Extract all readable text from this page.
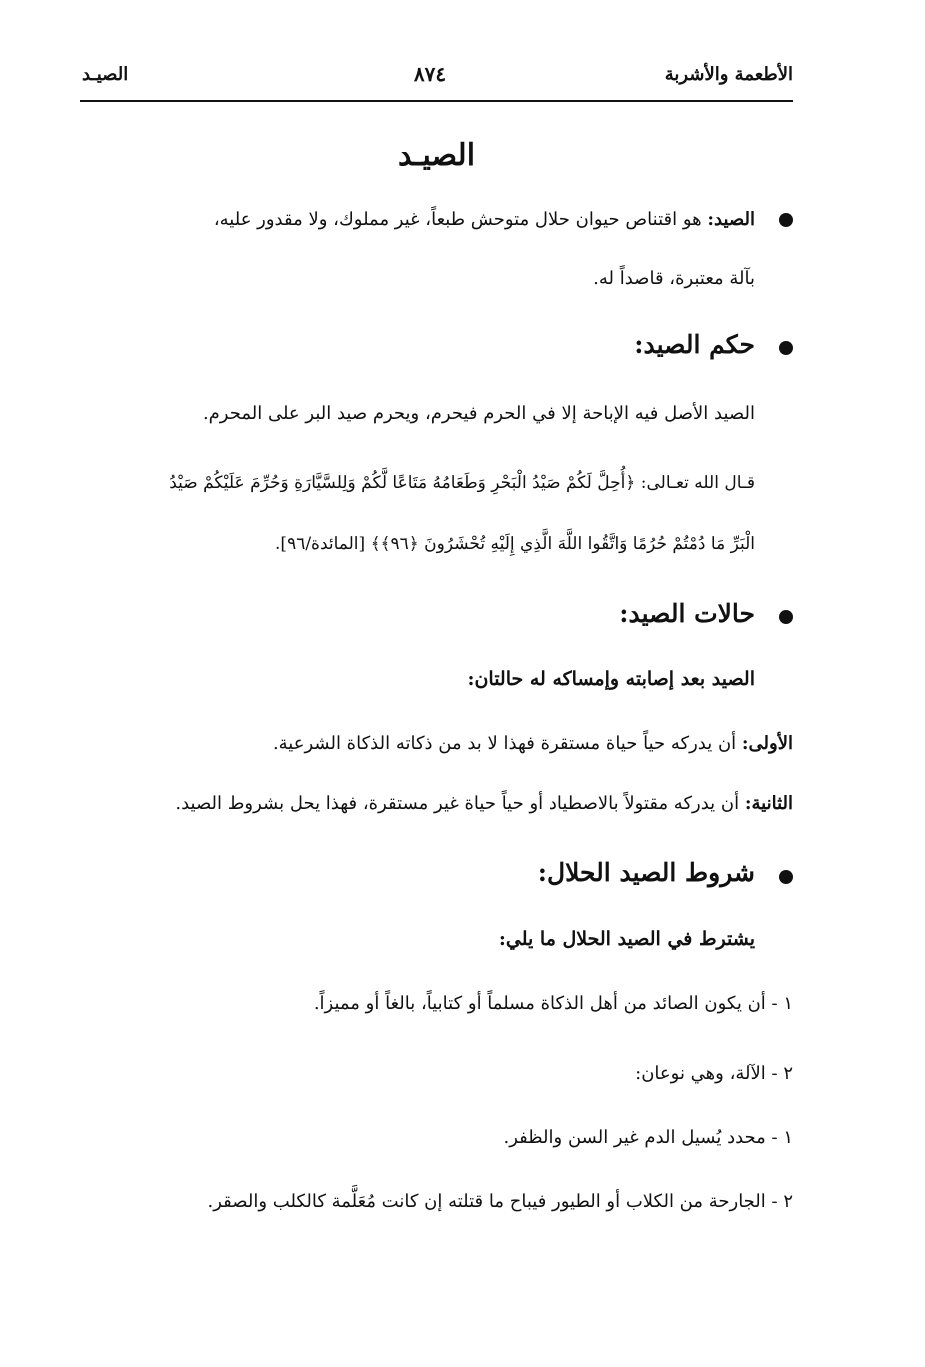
الأطعمة والأشربة
٨٧٤
الصيـد
الصيـد
الصيد: هو اقتناص حيوان حلال متوحش طبعاً، غير مملوك، ولا مقدور عليه،
بآلة معتبرة، قاصداً له.
حكم الصيد:
الصيد الأصل فيه الإباحة إلا في الحرم فيحرم، ويحرم صيد البر على المحرم.
قـال الله تعـالى: ﴿أُحِلَّ لَكُمْ صَيْدُ الْبَحْرِ وَطَعَامُهُ مَتَاعًا لَّكُمْ وَلِلسَّيَّارَةِ وَحُرِّمَ عَلَيْكُمْ صَيْدُ
الْبَرِّ مَا دُمْتُمْ حُرُمًا وَاتَّقُوا اللَّهَ الَّذِي إِلَيْهِ تُحْشَرُونَ ﴿٩٦﴾﴾ [المائدة/٩٦].
حالات الصيد:
الصيد بعد إصابته وإمساكه له حالتان:
الأولى: أن يدركه حياً حياة مستقرة فهذا لا بد من ذكاته الذكاة الشرعية.
الثانية: أن يدركه مقتولاً بالاصطياد أو حياً حياة غير مستقرة، فهذا يحل بشروط الصيد.
شروط الصيد الحلال:
يشترط في الصيد الحلال ما يلي:
١ - أن يكون الصائد من أهل الذكاة مسلماً أو كتابياً، بالغاً أو مميزاً.
٢ - الآلة، وهي نوعان:
١ - محدد يُسيل الدم غير السن والظفر.
٢ - الجارحة من الكلاب أو الطيور فيباح ما قتلته إن كانت مُعَلَّمة كالكلب والصقر.
